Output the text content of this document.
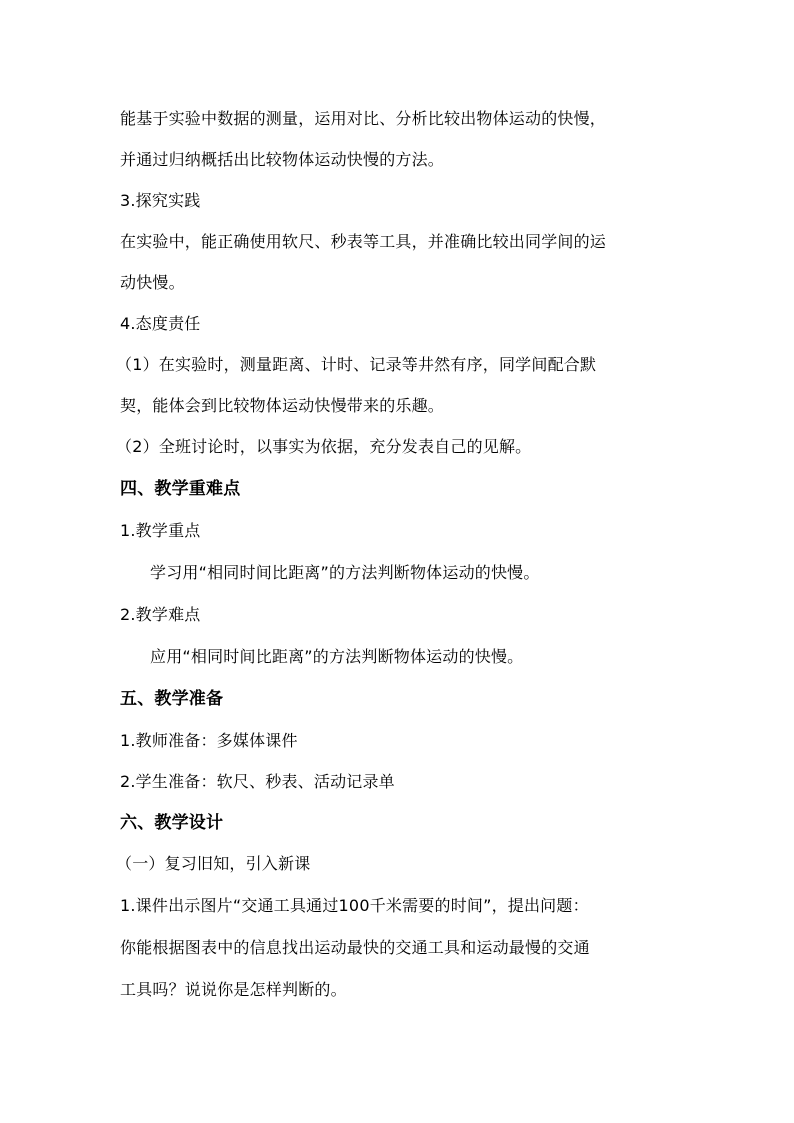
能基于实验中数据的测量，运用对比、分析比较出物体运动的快慢，
并通过归纳概括出比较物体运动快慢的方法。
3.探究实践
在实验中，能正确使用软尺、秒表等工具，并准确比较出同学间的运
动快慢。
4.态度责任
（1）在实验时，测量距离、计时、记录等井然有序，同学间配合默
契，能体会到比较物体运动快慢带来的乐趣。
（2）全班讨论时，以事实为依据，充分发表自己的见解。
四、教学重难点
1.教学重点
学习用“相同时间比距离”的方法判断物体运动的快慢。
2.教学难点
应用“相同时间比距离”的方法判断物体运动的快慢。
五、教学准备
1.教师准备：多媒体课件
2.学生准备：软尺、秒表、活动记录单
六、教学设计
（一）复习旧知，引入新课
1.课件出示图片“交通工具通过100千米需要的时间”，提出问题：
你能根据图表中的信息找出运动最快的交通工具和运动最慢的交通
工具吗？说说你是怎样判断的。
